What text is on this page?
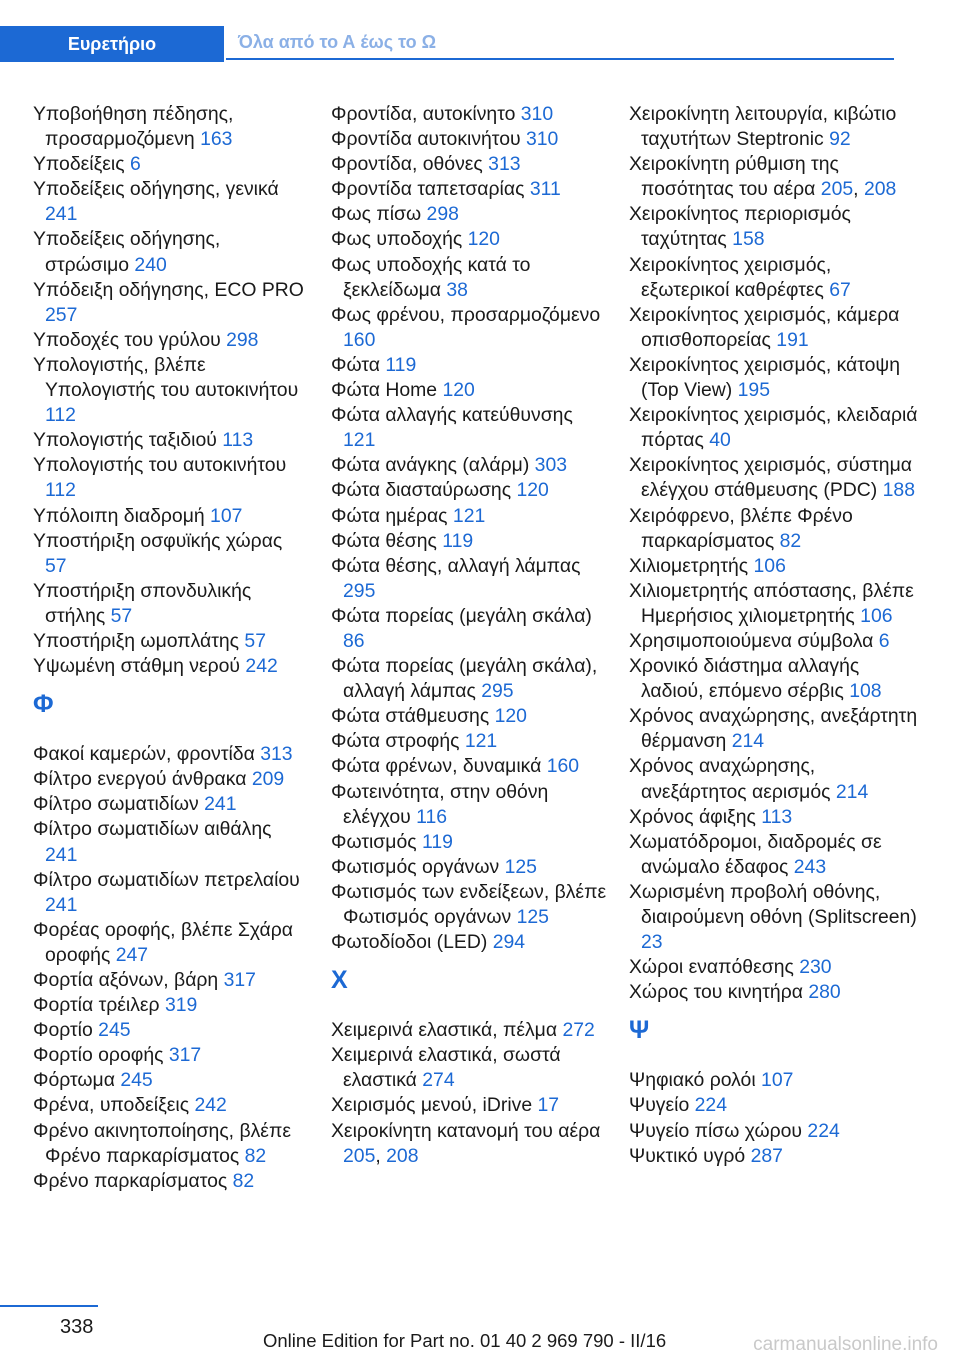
Ευρετήριο	Όλα από το Α έως το Ω

Υποβοήθηση πέδησης, προσαρμοζόμενη 163

Υποδείξεις 6

Υποδείξεις οδήγησης, γενικά 241

Υποδείξεις οδήγησης, στρώσιμο 240

Υπόδειξη οδήγησης, ECO PRO 257

Υποδοχές του γρύλου 298

Υπολογιστής, βλέπε Υπολογιστής του αυτοκινήτου 112

Υπολογιστής ταξιδιού 113

Υπολογιστής του αυτοκινήτου 112

Υπόλοιπη διαδρομή 107

Υποστήριξη οσφυϊκής χώρας 57

Υποστήριξη σπονδυλικής στήλης 57

Υποστήριξη ωμοπλάτης 57

Υψωμένη στάθμη νερού 242

Φ

Φακοί καμερών, φροντίδα 313

Φίλτρο ενεργού άνθρακα 209

Φίλτρο σωματιδίων 241

Φίλτρο σωματιδίων αιθάλης 241

Φίλτρο σωματιδίων πετρελαίου 241

Φορέας οροφής, βλέπε Σχάρα οροφής 247

Φορτία αξόνων, βάρη 317

Φορτία τρέιλερ 319

Φορτίο 245

Φορτίο οροφής 317

Φόρτωμα 245

Φρένα, υποδείξεις 242

Φρένο ακινητοποίησης, βλέπε Φρένο παρκαρίσματος 82

Φρένο παρκαρίσματος 82

Φροντίδα, αυτοκίνητο 310

Φροντίδα αυτοκινήτου 310

Φροντίδα, οθόνες 313

Φροντίδα ταπετσαρίας 311

Φως πίσω 298

Φως υποδοχής 120

Φως υποδοχής κατά το ξεκλείδωμα 38

Φως φρένου, προσαρμοζόμενο 160

Φώτα 119

Φώτα Home 120

Φώτα αλλαγής κατεύθυνσης 121

Φώτα ανάγκης (αλάρμ) 303

Φώτα διασταύρωσης 120

Φώτα ημέρας 121

Φώτα θέσης 119

Φώτα θέσης, αλλαγή λάμπας 295

Φώτα πορείας (μεγάλη σκάλα) 86

Φώτα πορείας (μεγάλη σκάλα), αλλαγή λάμπας 295

Φώτα στάθμευσης 120

Φώτα στροφής 121

Φώτα φρένων, δυναμικά 160

Φωτεινότητα, στην οθόνη ελέγχου 116

Φωτισμός 119

Φωτισμός οργάνων 125

Φωτισμός των ενδείξεων, βλέπε Φωτισμός οργάνων 125

Φωτοδίοδοι (LED) 294

Χ

Χειμερινά ελαστικά, πέλμα 272

Χειμερινά ελαστικά, σωστά ελαστικά 274

Χειρισμός μενού, iDrive 17

Χειροκίνητη κατανομή του αέρα 205, 208

Χειροκίνητη λειτουργία, κιβώτιο ταχυτήτων Steptronic 92

Χειροκίνητη ρύθμιση της ποσότητας του αέρα 205, 208

Χειροκίνητος περιορισμός ταχύτητας 158

Χειροκίνητος χειρισμός, εξωτερικοί καθρέφτες 67

Χειροκίνητος χειρισμός, κάμερα οπισθοπορείας 191

Χειροκίνητος χειρισμός, κάτοψη (Top View) 195

Χειροκίνητος χειρισμός, κλειδαριά πόρτας 40

Χειροκίνητος χειρισμός, σύστημα ελέγχου στάθμευσης (PDC) 188

Χειρόφρενο, βλέπε Φρένο παρκαρίσματος 82

Χιλιομετρητής 106

Χιλιομετρητής απόστασης, βλέπε Ημερήσιος χιλιομετρητής 106

Χρησιμοποιούμενα σύμβολα 6

Χρονικό διάστημα αλλαγής λαδιού, επόμενο σέρβις 108

Χρόνος αναχώρησης, ανεξάρτητη θέρμανση 214

Χρόνος αναχώρησης, ανεξάρτητος αερισμός 214

Χρόνος άφιξης 113

Χωματόδρομοι, διαδρομές σε ανώμαλο έδαφος 243

Χωρισμένη προβολή οθόνης, διαιρούμενη οθόνη (Splitscreen) 23

Χώροι εναπόθεσης 230

Χώρος του κινητήρα 280

Ψ

Ψηφιακό ρολόι 107

Ψυγείο 224

Ψυγείο πίσω χώρου 224

Ψυκτικό υγρό 287

338
Online Edition for Part no. 01 40 2 969 790 - II/16	carmanualsonline.info
